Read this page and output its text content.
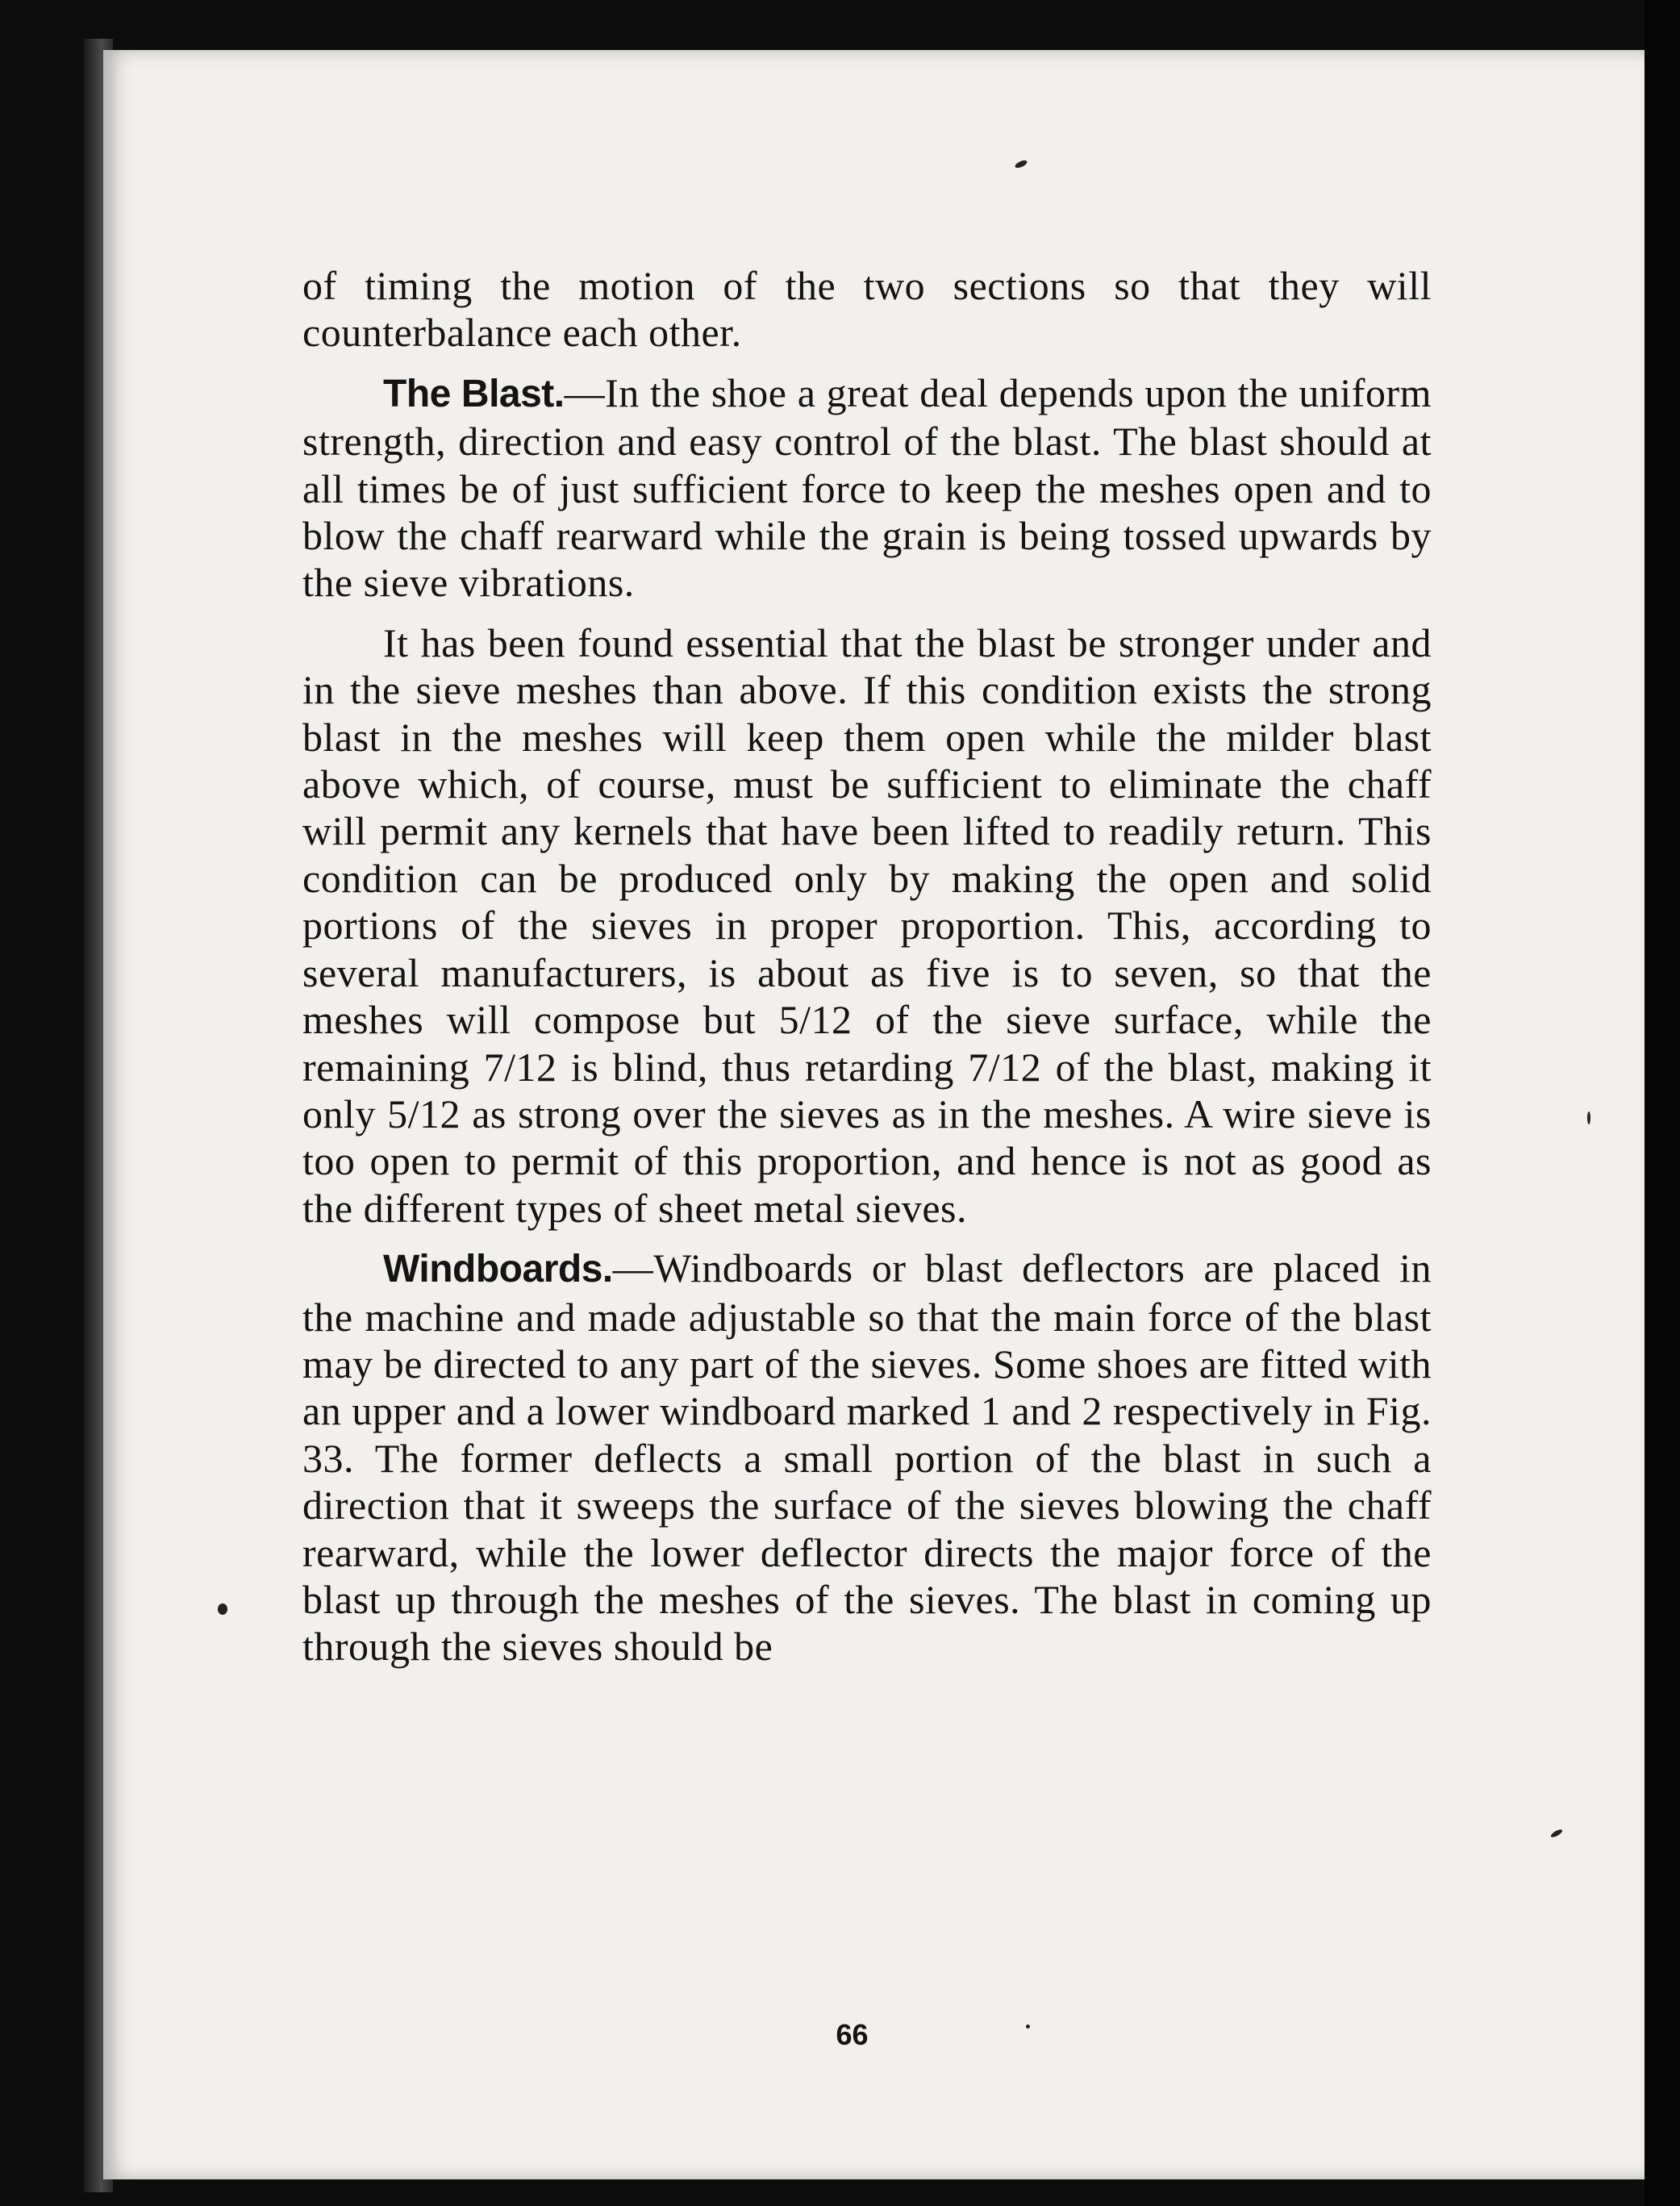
of timing the motion of the two sections so that they will counterbalance each other.

The Blast.—In the shoe a great deal depends upon the uniform strength, direction and easy control of the blast. The blast should at all times be of just sufficient force to keep the meshes open and to blow the chaff rearward while the grain is being tossed upwards by the sieve vibrations.

It has been found essential that the blast be stronger under and in the sieve meshes than above. If this condition exists the strong blast in the meshes will keep them open while the milder blast above which, of course, must be sufficient to eliminate the chaff will permit any kernels that have been lifted to readily return. This condition can be produced only by making the open and solid portions of the sieves in proper proportion. This, according to several manufacturers, is about as five is to seven, so that the meshes will compose but 5/12 of the sieve surface, while the remaining 7/12 is blind, thus retarding 7/12 of the blast, making it only 5/12 as strong over the sieves as in the meshes. A wire sieve is too open to permit of this proportion, and hence is not as good as the different types of sheet metal sieves.

Windboards.—Windboards or blast deflectors are placed in the machine and made adjustable so that the main force of the blast may be directed to any part of the sieves. Some shoes are fitted with an upper and a lower windboard marked 1 and 2 respectively in Fig. 33. The former deflects a small portion of the blast in such a direction that it sweeps the surface of the sieves blowing the chaff rearward, while the lower deflector directs the major force of the blast up through the meshes of the sieves. The blast in coming up through the sieves should be

66
